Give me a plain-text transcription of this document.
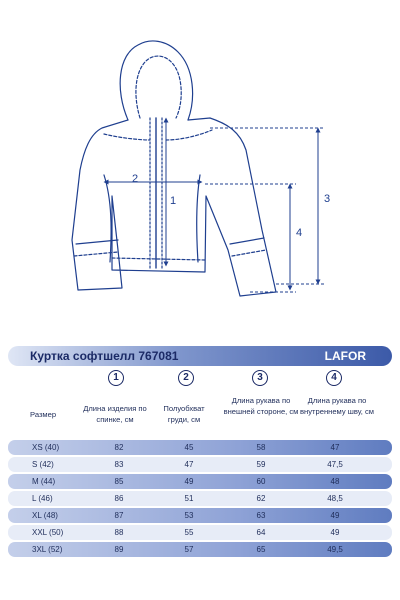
1
2
3
4
Куртка софтшелл 767081	LAFOR
1	2	3	4
Размер
Длина изделия по спинке, см
Полуобхват груди, см
Длина рукава по внешней стороне, см
Длина рукава по внутреннему шву, см
XS (40)	82	45	58	47
S (42)	83	47	59	47,5
M (44)	85	49	60	48
L (46)	86	51	62	48,5
XL (48)	87	53	63	49
XXL (50)	88	55	64	49
3XL (52)	89	57	65	49,5
